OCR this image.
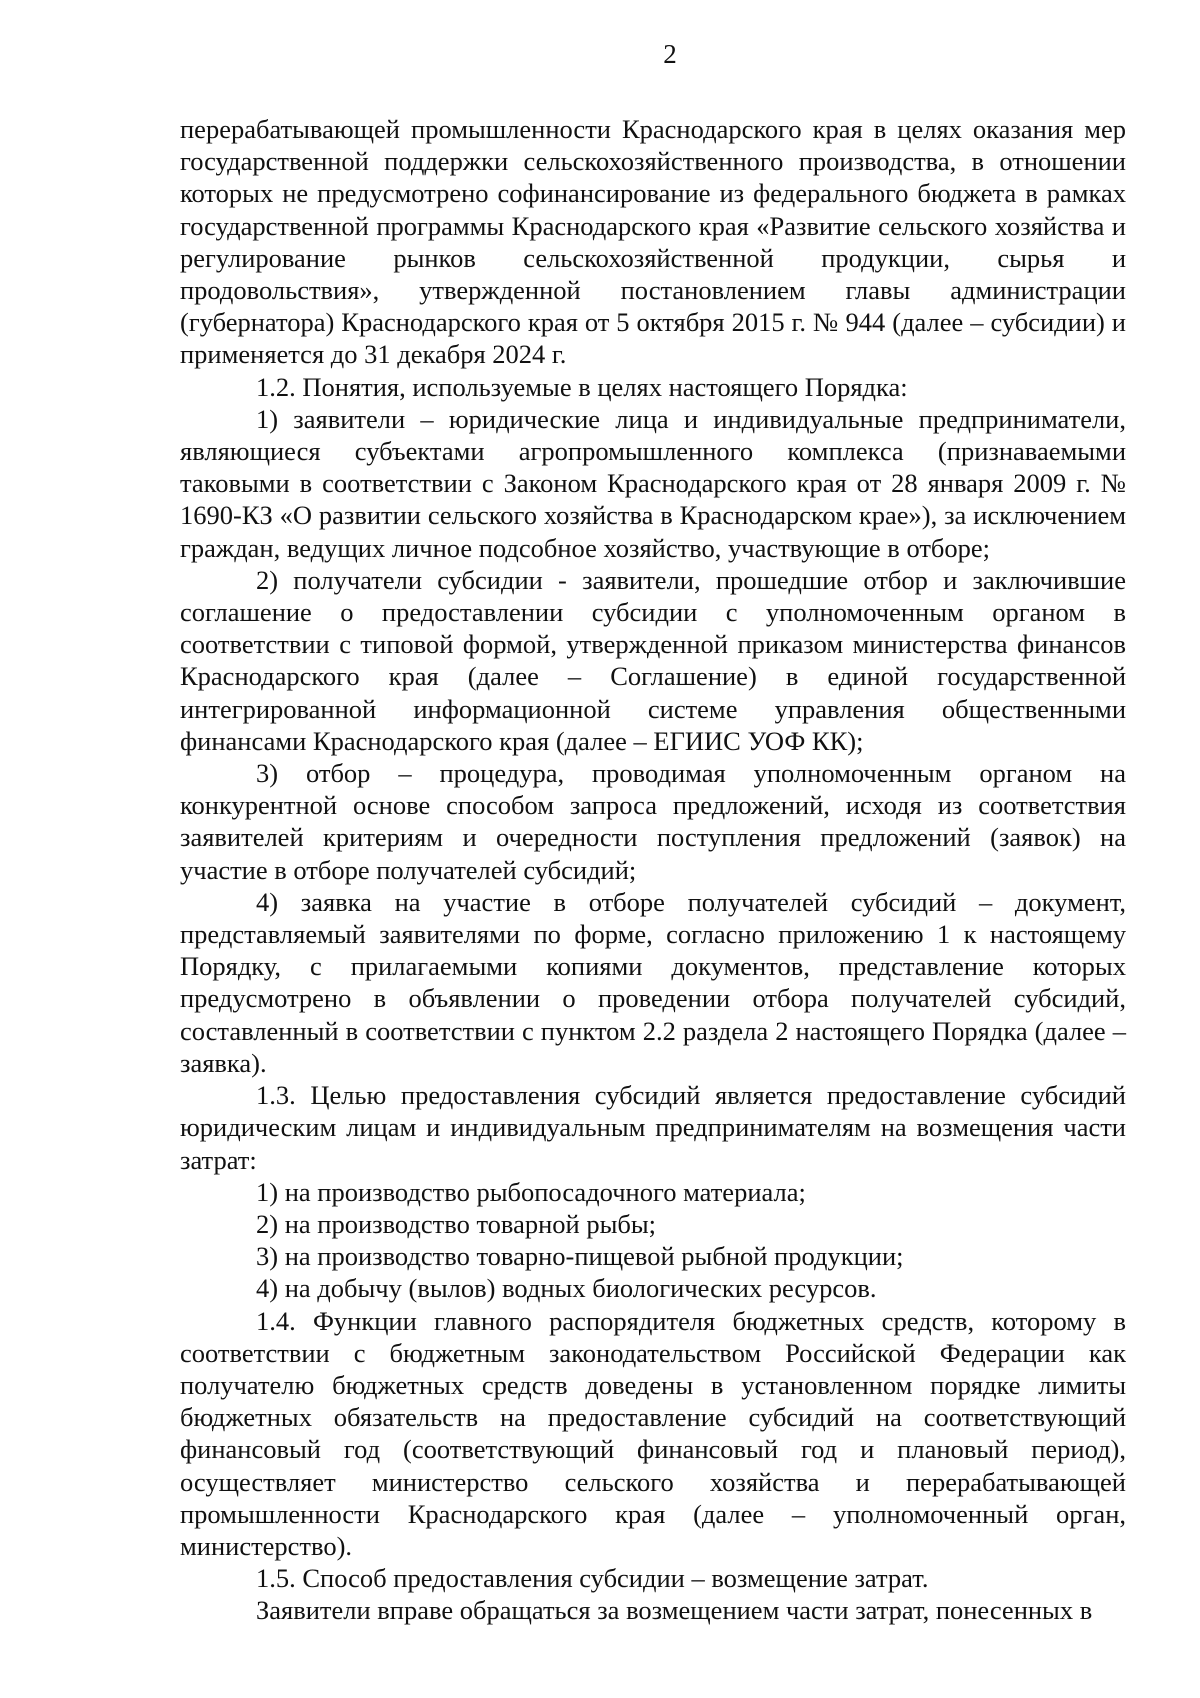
2

перерабатывающей промышленности Краснодарского края в целях оказания мер государственной поддержки сельскохозяйственного производства, в отношении которых не предусмотрено софинансирование из федерального бюджета в рамках государственной программы Краснодарского края «Развитие сельского хозяйства и регулирование рынков сельскохозяйственной продукции, сырья и продовольствия», утвержденной постановлением главы администрации (губернатора) Краснодарского края от 5 октября 2015 г. № 944 (далее – субсидии) и применяется до 31 декабря 2024 г.

1.2. Понятия, используемые в целях настоящего Порядка:

1) заявители – юридические лица и индивидуальные предприниматели, являющиеся субъектами агропромышленного комплекса (признаваемыми таковыми в соответствии с Законом Краснодарского края от 28 января 2009 г. № 1690-КЗ «О развитии сельского хозяйства в Краснодарском крае»), за исключением граждан, ведущих личное подсобное хозяйство, участвующие в отборе;

2) получатели субсидии - заявители, прошедшие отбор и заключившие соглашение о предоставлении субсидии с уполномоченным органом в соответствии с типовой формой, утвержденной приказом министерства финансов Краснодарского края (далее – Соглашение) в единой государственной интегрированной информационной системе управления общественными финансами Краснодарского края (далее – ЕГИИС УОФ КК);

3) отбор – процедура, проводимая уполномоченным органом на конкурентной основе способом запроса предложений, исходя из соответствия заявителей критериям и очередности поступления предложений (заявок) на участие в отборе получателей субсидий;

4) заявка на участие в отборе получателей субсидий – документ, представляемый заявителями по форме, согласно приложению 1 к настоящему Порядку, с прилагаемыми копиями документов, представление которых предусмотрено в объявлении о проведении отбора получателей субсидий, составленный в соответствии с пунктом 2.2 раздела 2 настоящего Порядка (далее – заявка).

1.3. Целью предоставления субсидий является предоставление субсидий юридическим лицам и индивидуальным предпринимателям на возмещения части затрат:

1) на производство рыбопосадочного материала;

2) на производство товарной рыбы;

3) на производство товарно-пищевой рыбной продукции;

4) на добычу (вылов) водных биологических ресурсов.

1.4. Функции главного распорядителя бюджетных средств, которому в соответствии с бюджетным законодательством Российской Федерации как получателю бюджетных средств доведены в установленном порядке лимиты бюджетных обязательств на предоставление субсидий на соответствующий финансовый год (соответствующий финансовый год и плановый период), осуществляет министерство сельского хозяйства и перерабатывающей промышленности Краснодарского края (далее – уполномоченный орган, министерство).

1.5. Способ предоставления субсидии – возмещение затрат.

Заявители вправе обращаться за возмещением части затрат, понесенных в
